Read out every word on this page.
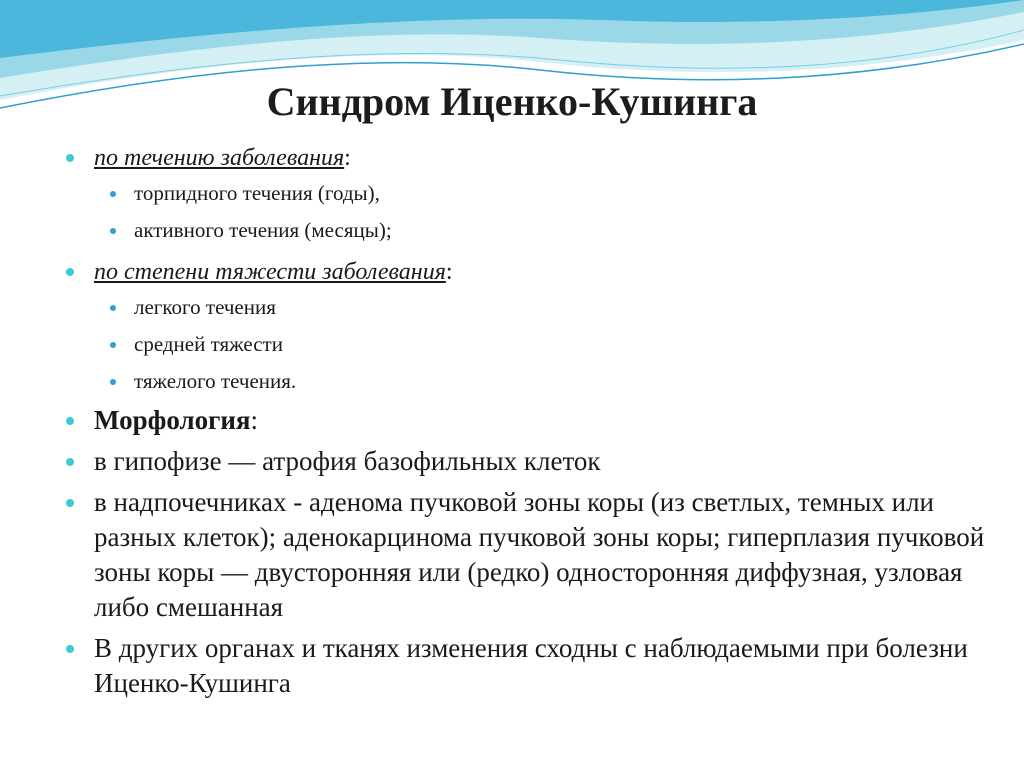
Синдром Иценко-Кушинга
по течению заболевания:
торпидного течения (годы),
активного течения (месяцы);
по степени тяжести заболевания:
легкого течения
средней тяжести
тяжелого течения.
Морфология:
в гипофизе — атрофия базофильных клеток
в надпочечниках - аденома пучковой зоны коры (из светлых, темных или разных клеток); аденокарцинома пучковой зоны коры; гиперплазия пучковой зоны коры — двусторонняя или (редко) односторонняя диффузная, узловая либо смешанная
В других органах и тканях изменения сходны с наблюдаемыми при болезни Иценко-Кушинга
